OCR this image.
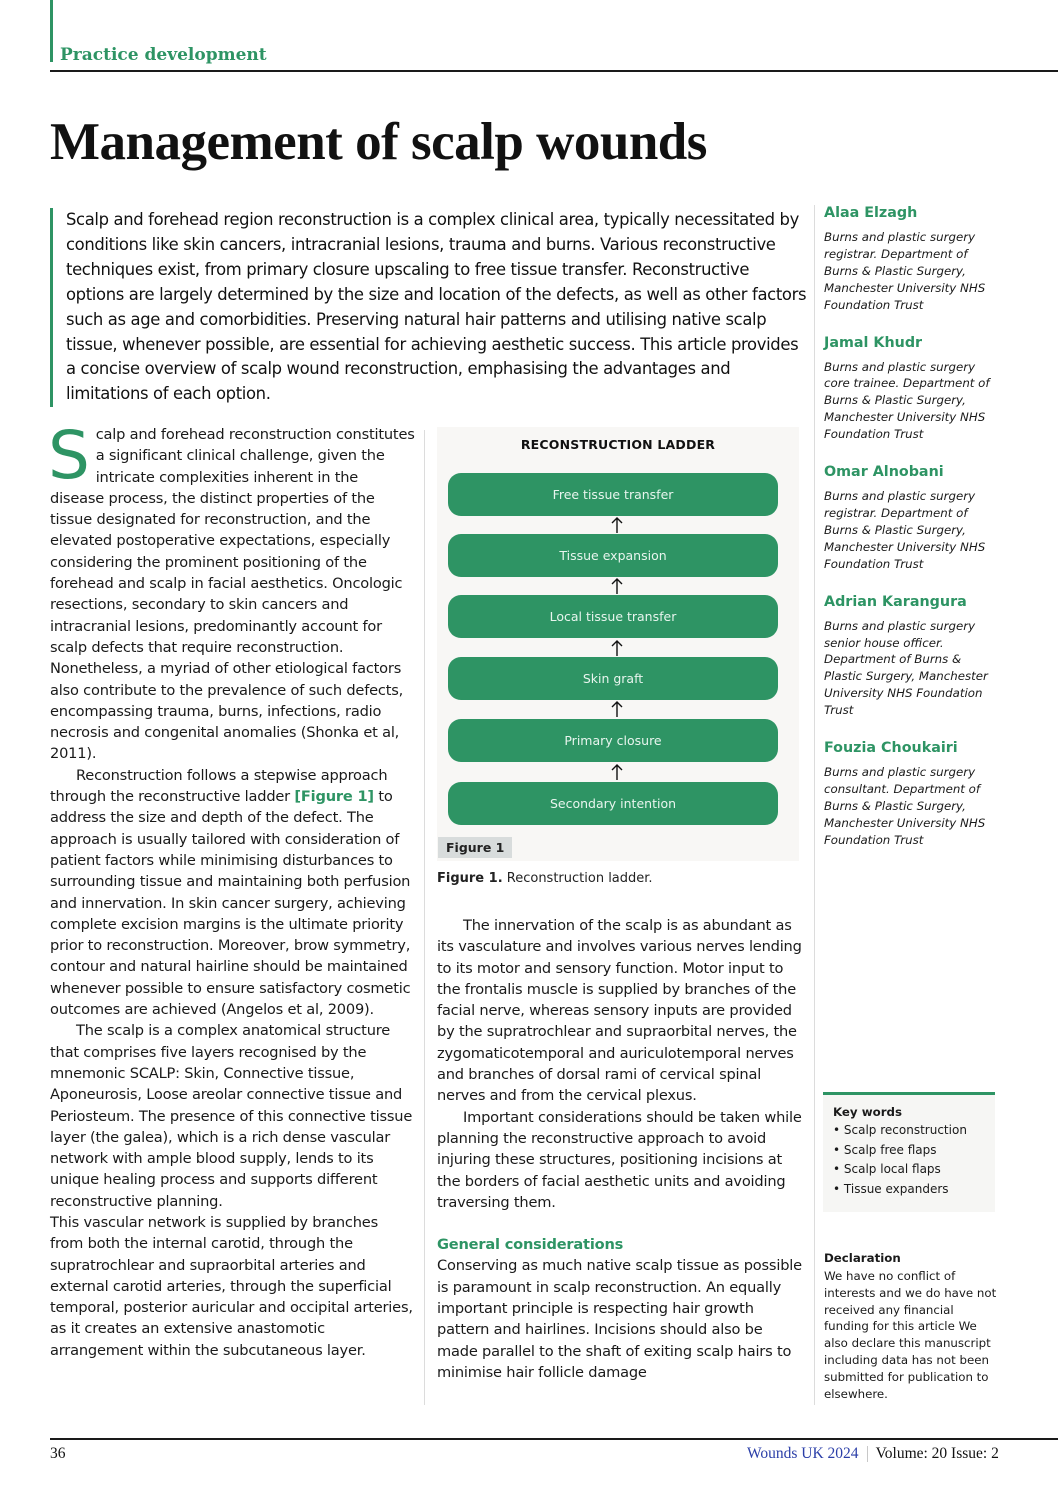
Practice development
Management of scalp wounds

Scalp and forehead region reconstruction is a complex clinical area, typically necessitated by conditions like skin cancers, intracranial lesions, trauma and burns. Various reconstructive techniques exist, from primary closure upscaling to free tissue transfer. Reconstructive options are largely determined by the size and location of the defects, as well as other factors such as age and comorbidities. Preserving natural hair patterns and utilising native scalp tissue, whenever possible, are essential for achieving aesthetic success. This article provides a concise overview of scalp wound reconstruction, emphasising the advantages and limitations of each option.

Scalp and forehead reconstruction constitutes a significant clinical challenge, given the intricate complexities inherent in the disease process, the distinct properties of the tissue designated for reconstruction, and the elevated postoperative expectations, especially considering the prominent positioning of the forehead and scalp in facial aesthetics. Oncologic resections, secondary to skin cancers and intracranial lesions, predominantly account for scalp defects that require reconstruction. Nonetheless, a myriad of other etiological factors also contribute to the prevalence of such defects, encompassing trauma, burns, infections, radio necrosis and congenital anomalies (Shonka et al, 2011).

Reconstruction follows a stepwise approach through the reconstructive ladder [Figure 1] to address the size and depth of the defect. The approach is usually tailored with consideration of patient factors while minimising disturbances to surrounding tissue and maintaining both perfusion and innervation. In skin cancer surgery, achieving complete excision margins is the ultimate priority prior to reconstruction. Moreover, brow symmetry, contour and natural hairline should be maintained whenever possible to ensure satisfactory cosmetic outcomes are achieved (Angelos et al, 2009).

The scalp is a complex anatomical structure that comprises five layers recognised by the mnemonic SCALP: Skin, Connective tissue, Aponeurosis, Loose areolar connective tissue and Periosteum. The presence of this connective tissue layer (the galea), which is a rich dense vascular network with ample blood supply, lends to its unique healing process and supports different reconstructive planning.

This vascular network is supplied by branches from both the internal carotid, through the supratrochlear and supraorbital arteries and external carotid arteries, through the superficial temporal, posterior auricular and occipital arteries, as it creates an extensive anastomotic arrangement within the subcutaneous layer.

RECONSTRUCTION LADDER
Free tissue transfer
Tissue expansion
Local tissue transfer
Skin graft
Primary closure
Secondary intention
Figure 1
Figure 1. Reconstruction ladder.

The innervation of the scalp is as abundant as its vasculature and involves various nerves lending to its motor and sensory function. Motor input to the frontalis muscle is supplied by branches of the facial nerve, whereas sensory inputs are provided by the supratrochlear and supraorbital nerves, the zygomaticotemporal and auriculotemporal nerves and branches of dorsal rami of cervical spinal nerves and from the cervical plexus.

Important considerations should be taken while planning the reconstructive approach to avoid injuring these structures, positioning incisions at the borders of facial aesthetic units and avoiding traversing them.

General considerations

Conserving as much native scalp tissue as possible is paramount in scalp reconstruction. An equally important principle is respecting hair growth pattern and hairlines. Incisions should also be made parallel to the shaft of exiting scalp hairs to minimise hair follicle damage

Alaa Elzagh
Burns and plastic surgery registrar. Department of Burns & Plastic Surgery, Manchester University NHS Foundation Trust
Jamal Khudr
Burns and plastic surgery core trainee. Department of Burns & Plastic Surgery, Manchester University NHS Foundation Trust
Omar Alnobani
Burns and plastic surgery registrar. Department of Burns & Plastic Surgery, Manchester University NHS Foundation Trust
Adrian Karangura
Burns and plastic surgery senior house officer. Department of Burns & Plastic Surgery, Manchester University NHS Foundation Trust
Fouzia Choukairi
Burns and plastic surgery consultant. Department of Burns & Plastic Surgery, Manchester University NHS Foundation Trust
Key words
• Scalp reconstruction
• Scalp free flaps
• Scalp local flaps
• Tissue expanders
Declaration
We have no conflict of interests and we do have not received any financial funding for this article We also declare this manuscript including data has not been submitted for publication to elsewhere.
36	Wounds UK 2024 Volume: 20 Issue: 2
